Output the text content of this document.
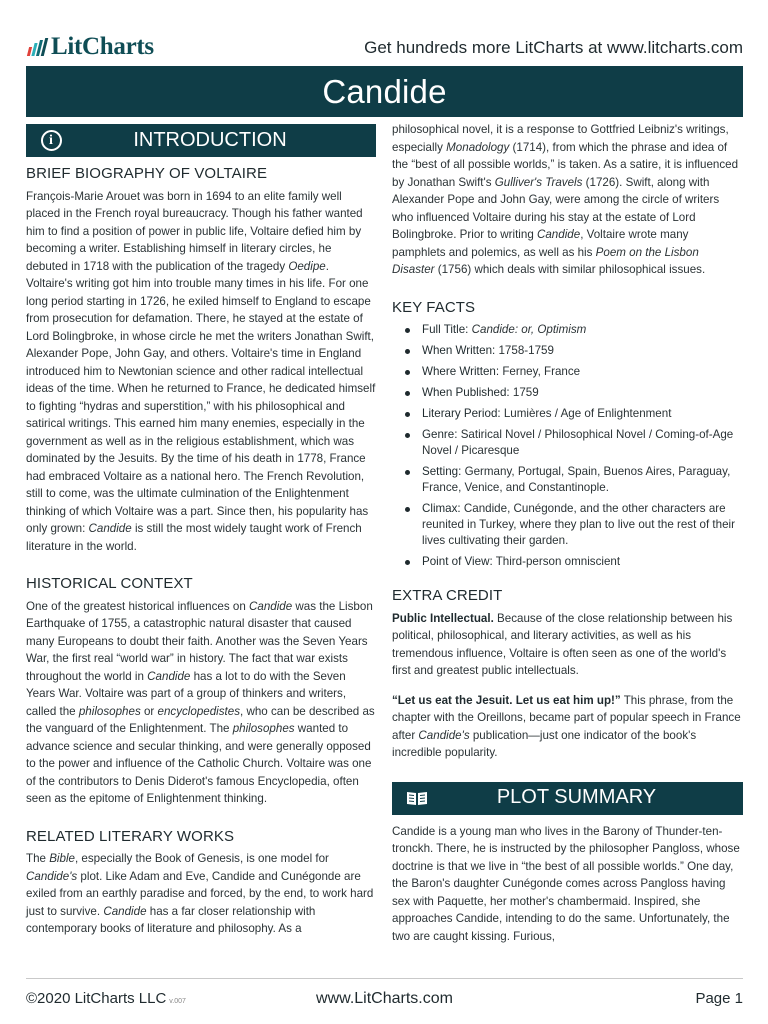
LitCharts	Get hundreds more LitCharts at www.litcharts.com
Candide
i	INTRODUCTION
BRIEF BIOGRAPHY OF VOLTAIRE

François-Marie Arouet was born in 1694 to an elite family well placed in the French royal bureaucracy. Though his father wanted him to find a position of power in public life, Voltaire defied him by becoming a writer. Establishing himself in literary circles, he debuted in 1718 with the publication of the tragedy Oedipe. Voltaire's writing got him into trouble many times in his life. For one long period starting in 1726, he exiled himself to England to escape from prosecution for defamation. There, he stayed at the estate of Lord Bolingbroke, in whose circle he met the writers Jonathan Swift, Alexander Pope, John Gay, and others. Voltaire's time in England introduced him to Newtonian science and other radical intellectual ideas of the time. When he returned to France, he dedicated himself to fighting “hydras and superstition,” with his philosophical and satirical writings. This earned him many enemies, especially in the government as well as in the religious establishment, which was dominated by the Jesuits. By the time of his death in 1778, France had embraced Voltaire as a national hero. The French Revolution, still to come, was the ultimate culmination of the Enlightenment thinking of which Voltaire was a part. Since then, his popularity has only grown: Candide is still the most widely taught work of French literature in the world.

HISTORICAL CONTEXT

One of the greatest historical influences on Candide was the Lisbon Earthquake of 1755, a catastrophic natural disaster that caused many Europeans to doubt their faith. Another was the Seven Years War, the first real “world war” in history. The fact that war exists throughout the world in Candide has a lot to do with the Seven Years War. Voltaire was part of a group of thinkers and writers, called the philosophes or encyclopedistes, who can be described as the vanguard of the Enlightenment. The philosophes wanted to advance science and secular thinking, and were generally opposed to the power and influence of the Catholic Church. Voltaire was one of the contributors to Denis Diderot's famous Encyclopedia, often seen as the epitome of Enlightenment thinking.

RELATED LITERARY WORKS

The Bible, especially the Book of Genesis, is one model for Candide's plot. Like Adam and Eve, Candide and Cunégonde are exiled from an earthly paradise and forced, by the end, to work hard just to survive. Candide has a far closer relationship with contemporary books of literature and philosophy. As a

philosophical novel, it is a response to Gottfried Leibniz's writings, especially Monadology (1714), from which the phrase and idea of the “best of all possible worlds,” is taken. As a satire, it is influenced by Jonathan Swift's Gulliver's Travels (1726). Swift, along with Alexander Pope and John Gay, were among the circle of writers who influenced Voltaire during his stay at the estate of Lord Bolingbroke. Prior to writing Candide, Voltaire wrote many pamphlets and polemics, as well as his Poem on the Lisbon Disaster (1756) which deals with similar philosophical issues.

KEY FACTS
Full Title: Candide: or, Optimism
When Written: 1758-1759
Where Written: Ferney, France
When Published: 1759
Literary Period: Lumières / Age of Enlightenment
Genre: Satirical Novel / Philosophical Novel / Coming-of-Age Novel / Picaresque
Setting: Germany, Portugal, Spain, Buenos Aires, Paraguay, France, Venice, and Constantinople.
Climax: Candide, Cunégonde, and the other characters are reunited in Turkey, where they plan to live out the rest of their lives cultivating their garden.
Point of View: Third-person omniscient
EXTRA CREDIT

Public Intellectual. Because of the close relationship between his political, philosophical, and literary activities, as well as his tremendous influence, Voltaire is often seen as one of the world's first and greatest public intellectuals.

“Let us eat the Jesuit. Let us eat him up!” This phrase, from the chapter with the Oreillons, became part of popular speech in France after Candide's publication—just one indicator of the book's incredible popularity.

PLOT SUMMARY

Candide is a young man who lives in the Barony of Thunder-ten-tronckh. There, he is instructed by the philosopher Pangloss, whose doctrine is that we live in “the best of all possible worlds.” One day, the Baron's daughter Cunégonde comes across Pangloss having sex with Paquette, her mother's chambermaid. Inspired, she approaches Candide, intending to do the same. Unfortunately, the two are caught kissing. Furious,

©2020 LitCharts LLC v.007	www.LitCharts.com	Page 1
